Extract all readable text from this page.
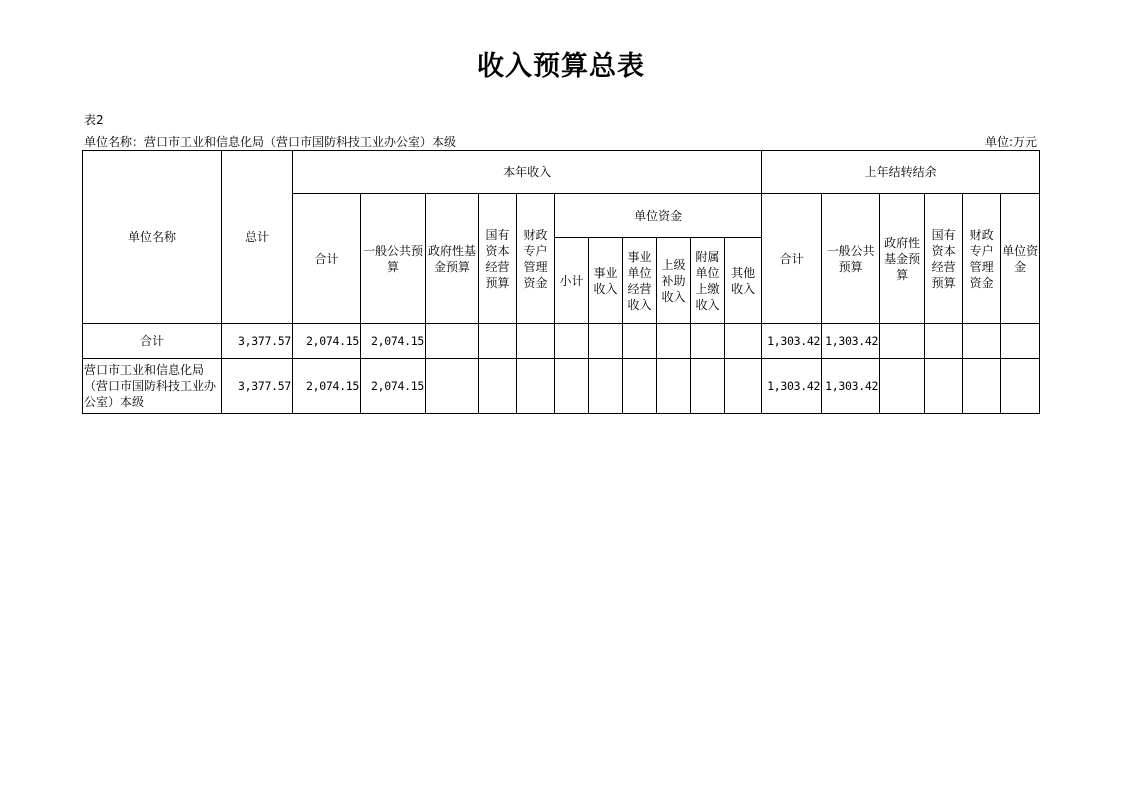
收入预算总表
表2
单位名称：营口市工业和信息化局（营口市国防科技工业办公室）本级	单位:万元
单位名称	总计	本年收入											上年结转结余					
		合计	一般公共预算	政府性基金预算	国有资本经营预算	财政专户管理资金	单位资金						合计	一般公共预算	政府性基金预算	国有资本经营预算	财政专户管理资金	单位资金
							小计	事业收入	事业单位经营收入	上级补助收入	附属单位上缴收入	其他收入						
合计	3,377.57	2,074.15	2,074.15										1,303.42	1,303.42				
营口市工业和信息化局（营口市国防科技工业办公室）本级	3,377.57	2,074.15	2,074.15										1,303.42	1,303.42				
